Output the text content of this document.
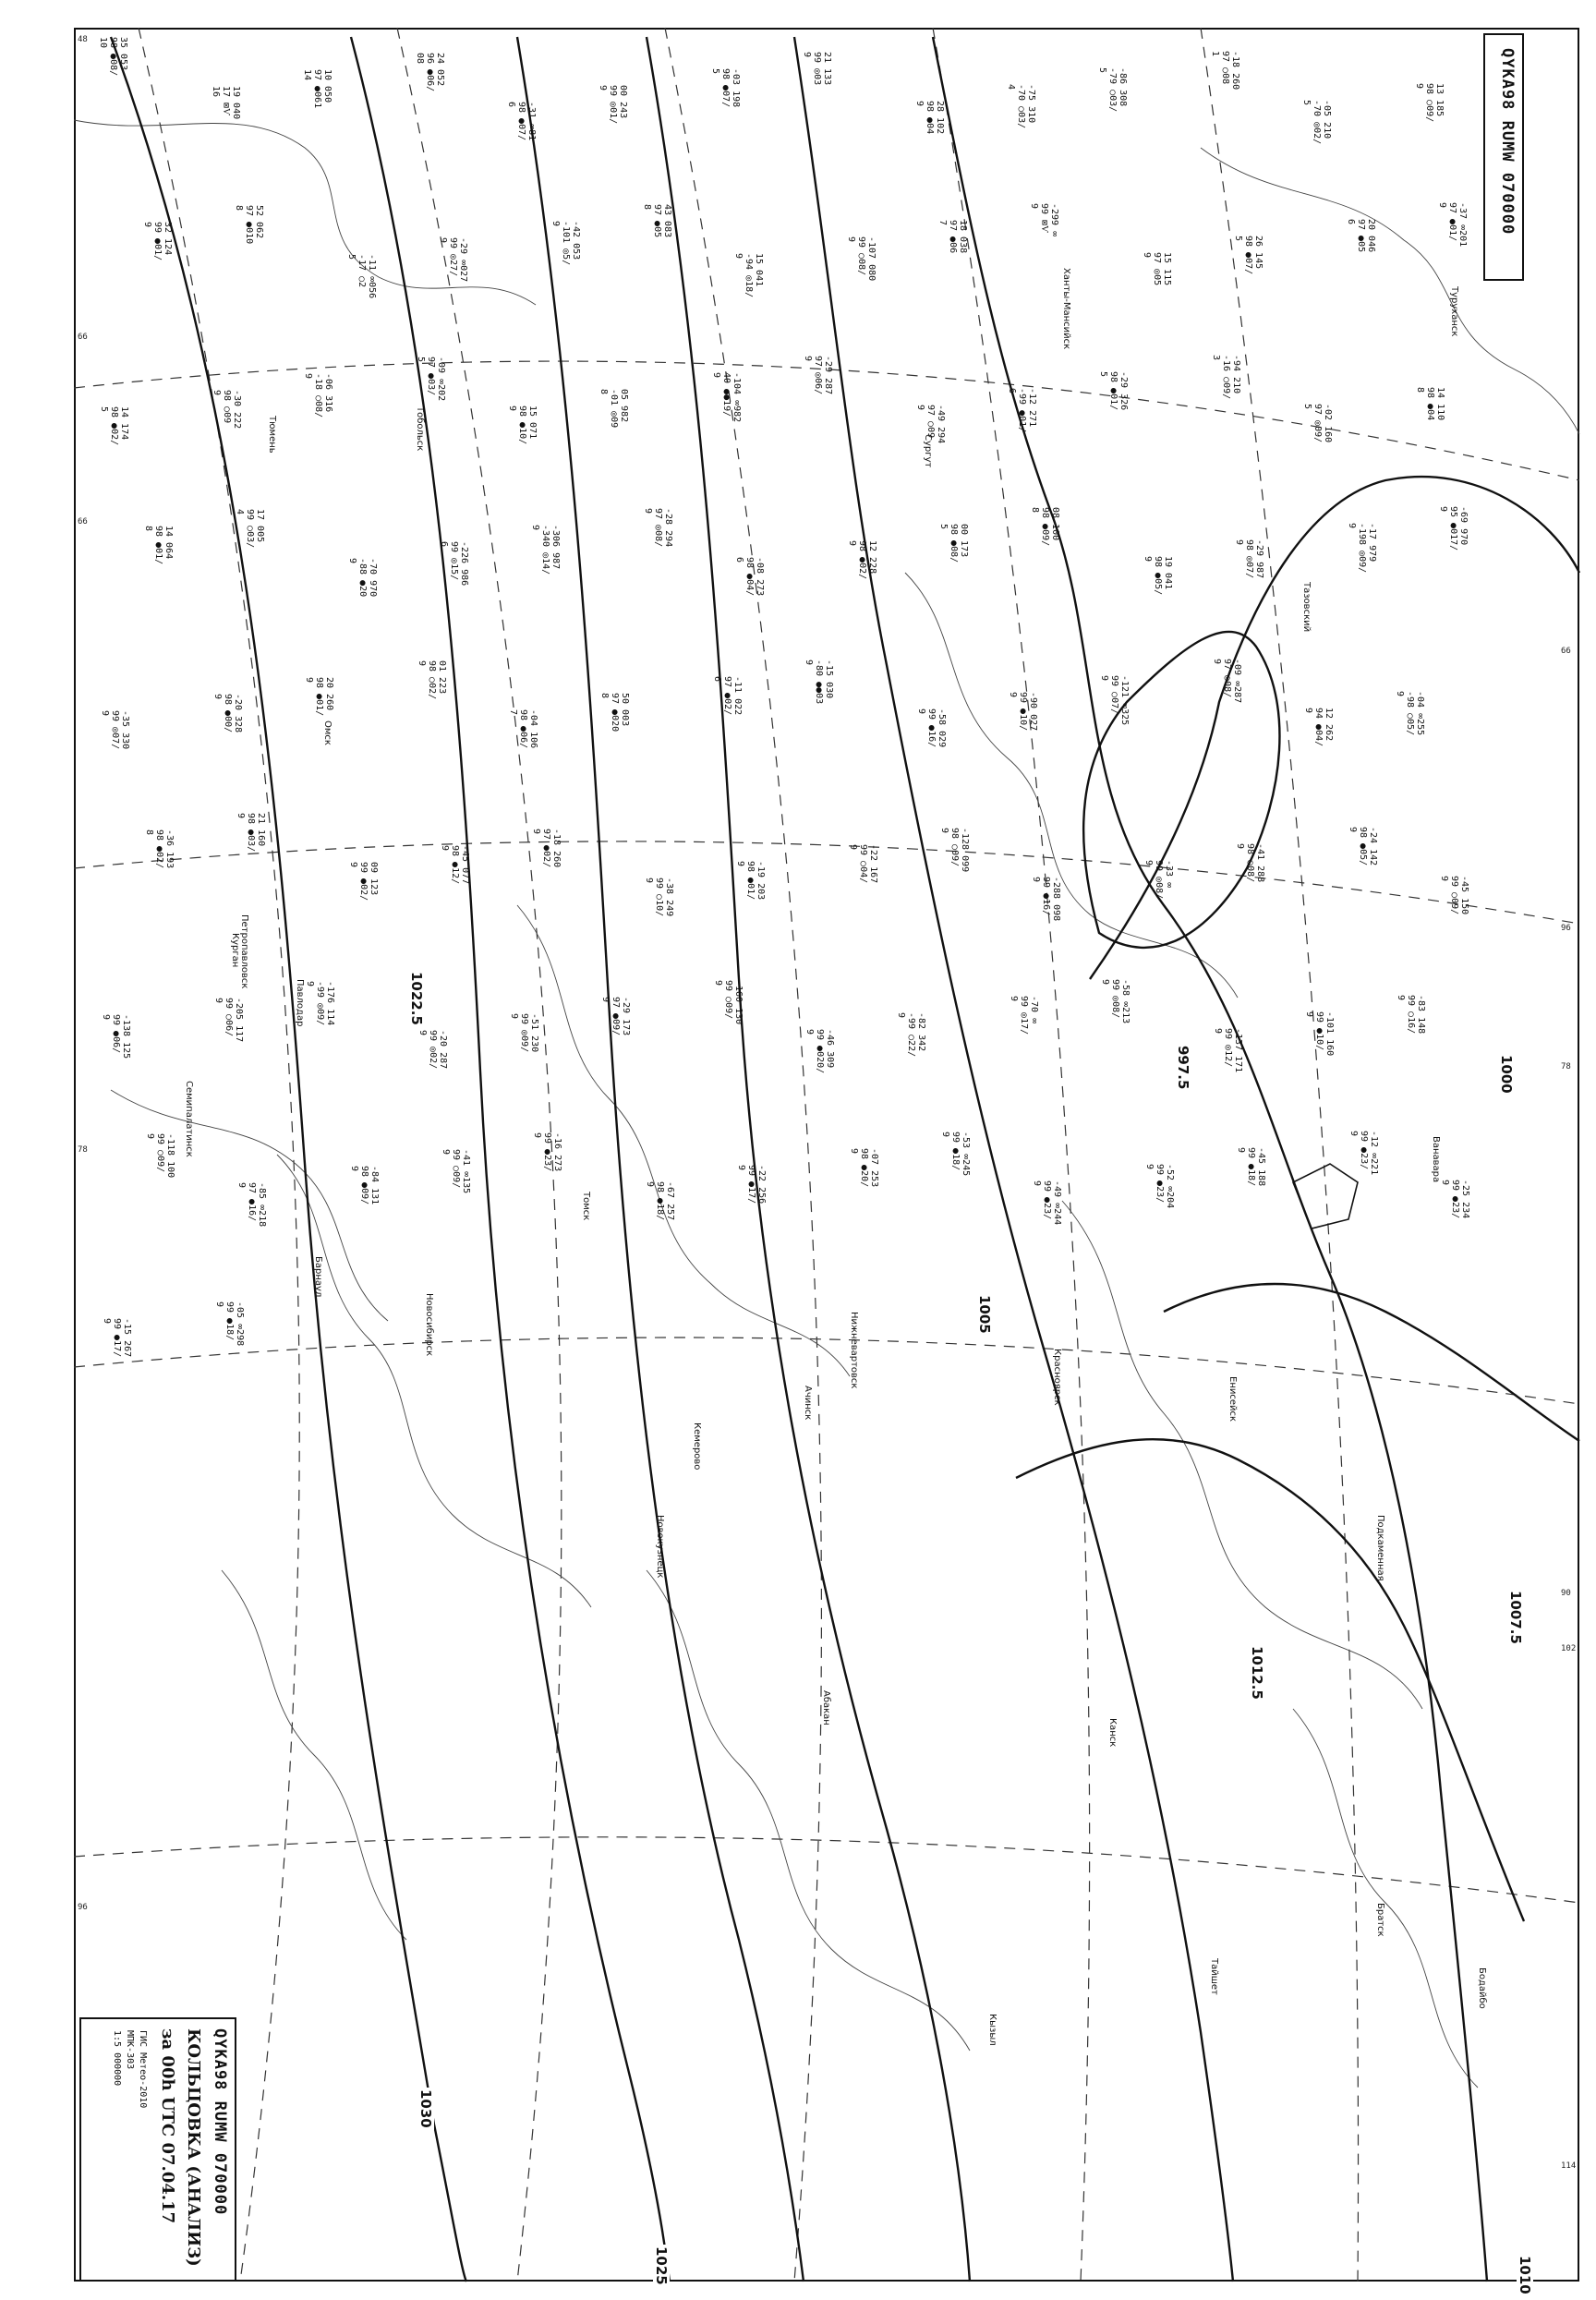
48
66
66
66
78
78
90
96
96
102
114
35 053
98 ●08/
10
19 040
17 ⊠Ѵ
16	10 050
97 ●061
14	24 052
96 ●06/
08
-31 ∞81
98 ●07/
6	00 243
99 ◎01/
9	-03 198
98 ●07/
5	21 133
99 ◎03
9
28 102
98 ●04
9	-75 310
-70 ○03/
4	-86 308
-79 ○03/
5	-18 260
97 ○08
1
-05 210
-70 ◎02/
5	13 185
98 ○09/
9
32 124
99 ●01/
9	52 062
97 ●010
8
-11 ∞056
-17 ○2
5	-29 ∞027
99 ◎27/
9	-42 053
-101 ◎5/
9	43 083
97 ●05
8
15 041
-94 ◎18/
9	-107 080
99 ○08/
9	18 038
97 ●06
7	-299 ∞
99 ⊠Ѵ
9
15 115
97 ◎05
9	26 145
98 ●07/
5	20 046
97 ●05
6	-37 ∞201
97 ●01/
9
14 174
98 ●02/
5	-30 222
98 ○09
9	-06 316
-18 ○08/
9	-09 ∞202
97 ●03/
5
15 071
98 ●10/
9	05 982
-01 ◎09
8	-104 ∞982
40 ●●19/
9	-29 287
97 ◎06/
9
-49 294
97 ○09
9	-12 271
-99 ●01/
6	-29 326
98 ●01/
5	-94 210
-16 ○09/
3
-02 160
97 ◎09/
5	14 110
98 ●04
8
14 064
98 ●01/
8	17 005
99 ○03/
4
-70 970
-88 ●20
9	-226 986
99 ◎15/
6	-306 987
-340 ◎14/
9	-28 294
97 ◎08/
9
-08 273
98 ●04/
6	12 228
98 ●02/
9	00 173
98 ●08/
5	08 100
98 ●09/
8
19 041
98 ●05/
9	-29 987
98 ◎07/
9	-17 979
-198 ◎09/
9	-69 970
95 ●017/
9
-35 330
99 ◎07/
9	-20 328
98 ●00/
9	20 260
98 ●01/
9	01 223
98 ○02/
9
-04 106
98 ●06/
7	50 003
97 ●020
8	-11 022
97 ●02/
6	-15 030
-80 ●●03
9
-58 029
99 ●16/
9	-90 027
99 ●10/
9	-121 ∞325
99 ○07/
9	-09 ∞287
97 ◎08/
9
12 262
94 ●04/
9	-04 ∞255
-98 ○05/
9
-36 193
98 ●02/
8	21 160
98 ●03/
9
09 123
99 ●02/
9	-45 077
98 ●12/
9	-18 260
97 ●02/
9
-38 249
99 ○10/
9	-19 203
98 ●01/
9	-22 167
99 ○04/
9	-128 099
98 ○09/
9
-288 098
99 ●16/
9	-33 ∞
99 ◎08/
9	-41 288
98 ○08/
9	-24 142
98 ●05/
9
-45 150
99 ○09/
9
-138 125
99 ●06/
9	-205 117
99 ○06/
9	-176 114
-99 ◎09/
9
-20 287
99 ◎02/
9	-51 230
99 ◎09/
9	-29 173
97 ●09/
9	-160 130
99 ○09/
9
-46 309
99 ●020/
9	-82 342
-99 ○22/
9	-70 ∞
99 ◎17/
9	-58 ∞213
99 ◎08/
9
-137 171
99 ◎12/
9	-101 160
99 ●10/
9	-83 148
99 ○16/
9
-118 100
99 ○09/
9
-85 ∞218
97 ●16/
9	-84 131
98 ●09/
9	-41 ∞135
99 ○09/
9	-16 273
99 ●23/
9
-67 257
98 ●18/
9	-22 256
99 ●17/
9	-07 253
98 ●20/
9	-53 ∞245
99 ●18/
9
-49 ∞244
99 ●23/
9	-52 ∞204
99 ●23/
9	-45 188
99 ●18/
9	-12 ∞221
99 ●23/
9
-25 234
99 ●23/
9
-15 267
99 ●17/
9	-05 ∞298
99 ●18/
9
Тазовский
Ханты-Мансийск
Сургут
Нижневартовск
Томск
Новосибирск
Барнаул
Омск
Тобольск
Тюмень
Курган Петропавловск
Семипалатинск
Павлодар
Кемерово
Новокузнецк
Красноярск	Енисейск
Ачинск
Абакан
Кызыл
Туруханск
Подкаменная
Ванавара
Братск
Тайшет
Канск
Бодайбо
1030
1025
1022.5
1012.5
1010
1007.5
1005
1000
997.5
QYKA98 RUMW 070000
QYKA98 RUMW 070000
КОЛЬЦОВКА (АНАЛИЗ)
за 00h UTC 07.04.17
ГИС Метео-2010
МПК-303
1:5 000000
